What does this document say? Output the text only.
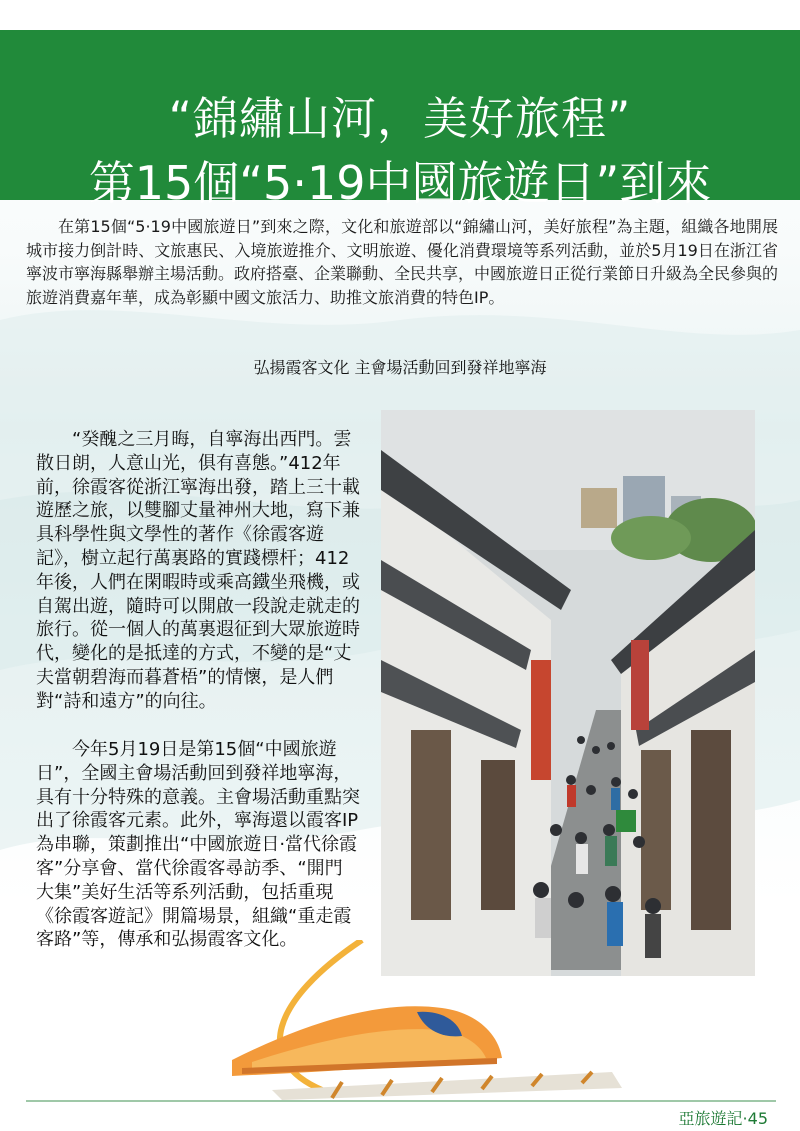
“錦繡山河，美好旅程”
第15個“5·19中國旅遊日”到來

在第15個“5·19中國旅遊日”到來之際，文化和旅遊部以“錦繡山河，美好旅程”為主題，組織各地開展城市接力倒計時、文旅惠民、入境旅遊推介、文明旅遊、優化消費環境等系列活動，並於5月19日在浙江省寧波市寧海縣舉辦主場活動。政府搭臺、企業聯動、全民共享，中國旅遊日正從行業節日升級為全民參與的旅遊消費嘉年華，成為彰顯中國文旅活力、助推文旅消費的特色IP。

弘揚霞客文化 主會場活動回到發祥地寧海

“癸醜之三月晦，自寧海出西門。雲散日朗，人意山光，俱有喜態。”412年前，徐霞客從浙江寧海出發，踏上三十載遊歷之旅，以雙腳丈量神州大地，寫下兼具科學性與文學性的著作《徐霞客遊記》，樹立起行萬裏路的實踐標杆；412年後，人們在閑暇時或乘高鐵坐飛機，或自駕出遊，隨時可以開啟一段說走就走的旅行。從一個人的萬裏遐征到大眾旅遊時代，變化的是抵達的方式，不變的是“丈夫當朝碧海而暮蒼梧”的情懷，是人們對“詩和遠方”的向往。

今年5月19日是第15個“中國旅遊日”，全國主會場活動回到發祥地寧海，具有十分特殊的意義。主會場活動重點突出了徐霞客元素。此外，寧海還以霞客IP為串聯，策劃推出“中國旅遊日·當代徐霞客”分享會、當代徐霞客尋訪季、“開門大集”美好生活等系列活動，包括重現《徐霞客遊記》開篇場景，組織“重走霞客路”等，傳承和弘揚霞客文化。

亞旅遊記·45
